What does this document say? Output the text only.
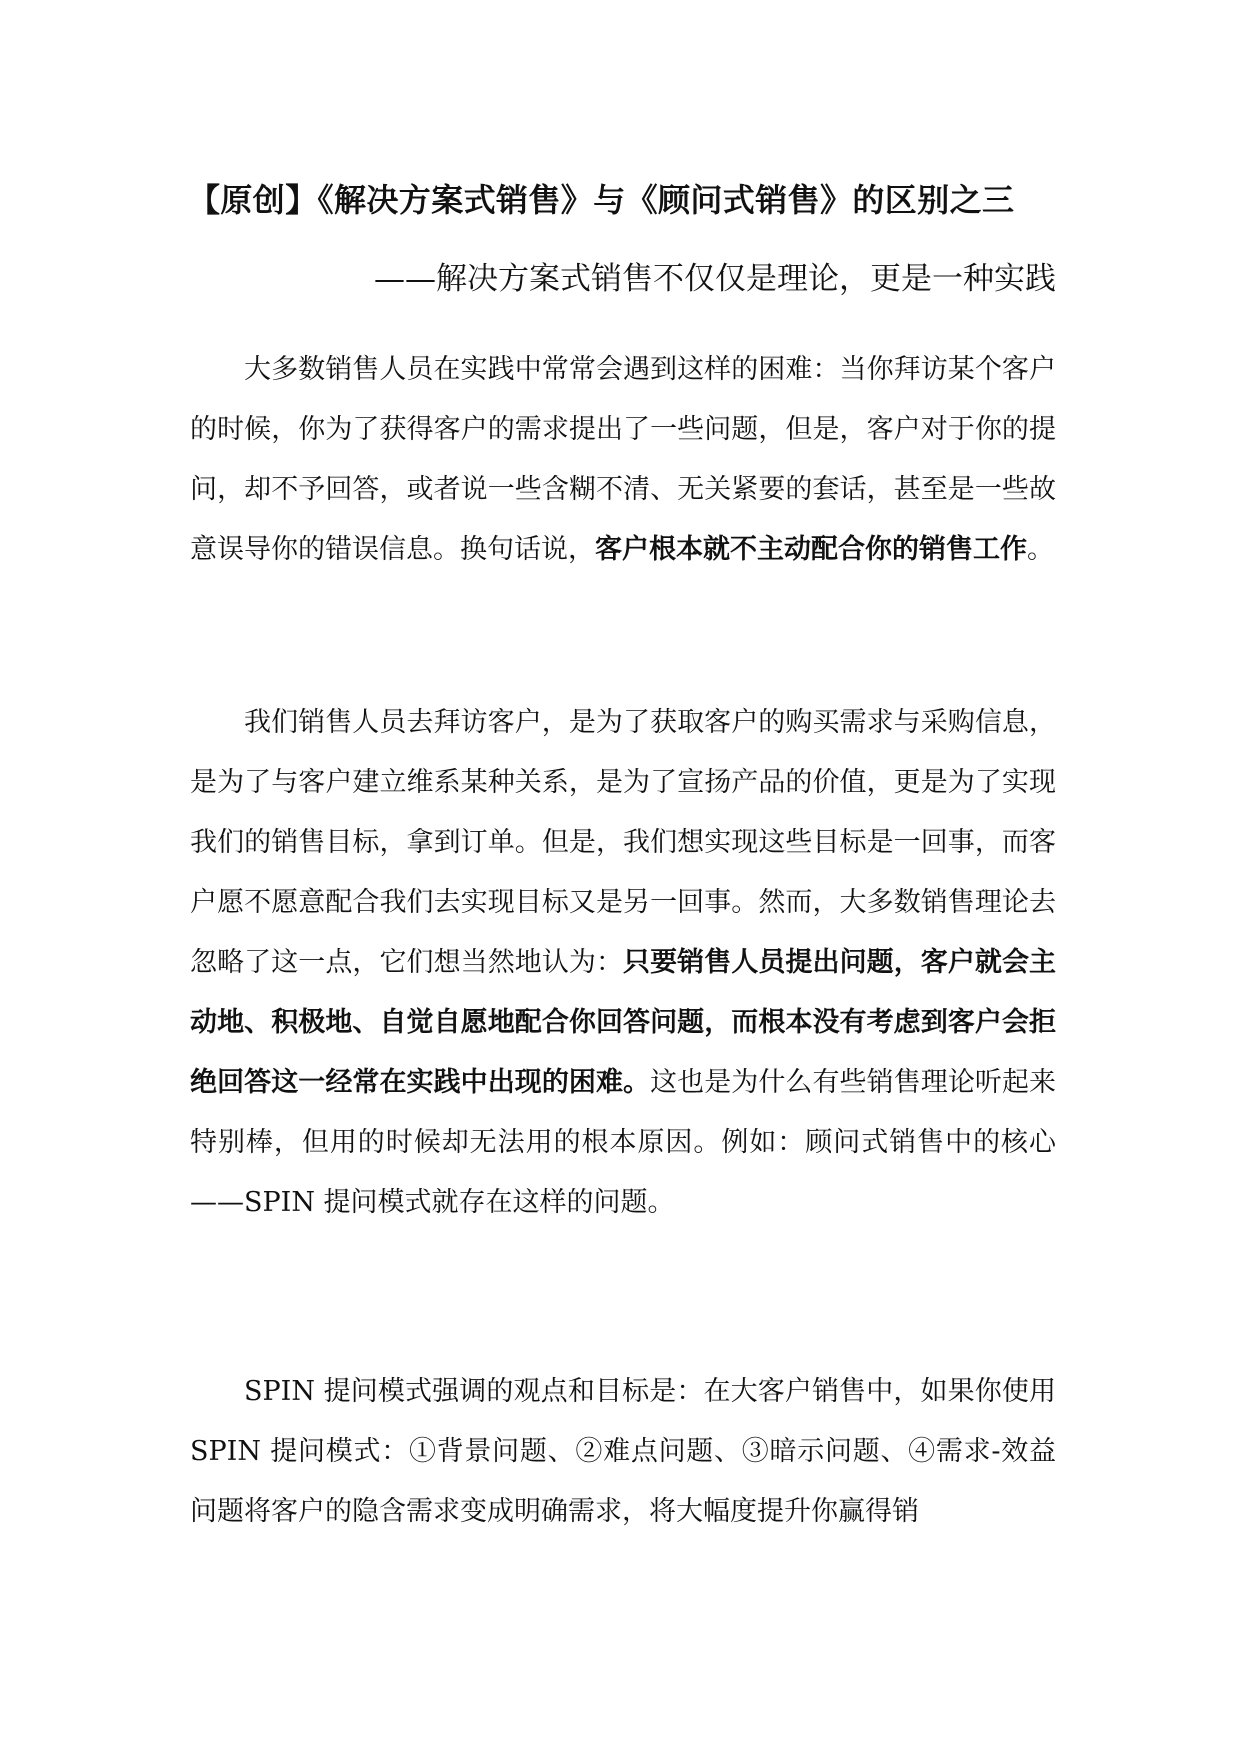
【原创】《解决方案式销售》与《顾问式销售》的区别之三
——解决方案式销售不仅仅是理论，更是一种实践

大多数销售人员在实践中常常会遇到这样的困难：当你拜访某个客户的时候，你为了获得客户的需求提出了一些问题，但是，客户对于你的提问，却不予回答，或者说一些含糊不清、无关紧要的套话，甚至是一些故意误导你的错误信息。换句话说，客户根本就不主动配合你的销售工作。

我们销售人员去拜访客户，是为了获取客户的购买需求与采购信息，是为了与客户建立维系某种关系，是为了宣扬产品的价值，更是为了实现我们的销售目标，拿到订单。但是，我们想实现这些目标是一回事，而客户愿不愿意配合我们去实现目标又是另一回事。然而，大多数销售理论去忽略了这一点，它们想当然地认为：只要销售人员提出问题，客户就会主动地、积极地、自觉自愿地配合你回答问题，而根本没有考虑到客户会拒绝回答这一经常在实践中出现的困难。这也是为什么有些销售理论听起来特别棒，但用的时候却无法用的根本原因。例如：顾问式销售中的核心——SPIN 提问模式就存在这样的问题。

SPIN 提问模式强调的观点和目标是：在大客户销售中，如果你使用 SPIN 提问模式：①背景问题、②难点问题、③暗示问题、④需求-效益问题将客户的隐含需求变成明确需求，将大幅度提升你赢得销
